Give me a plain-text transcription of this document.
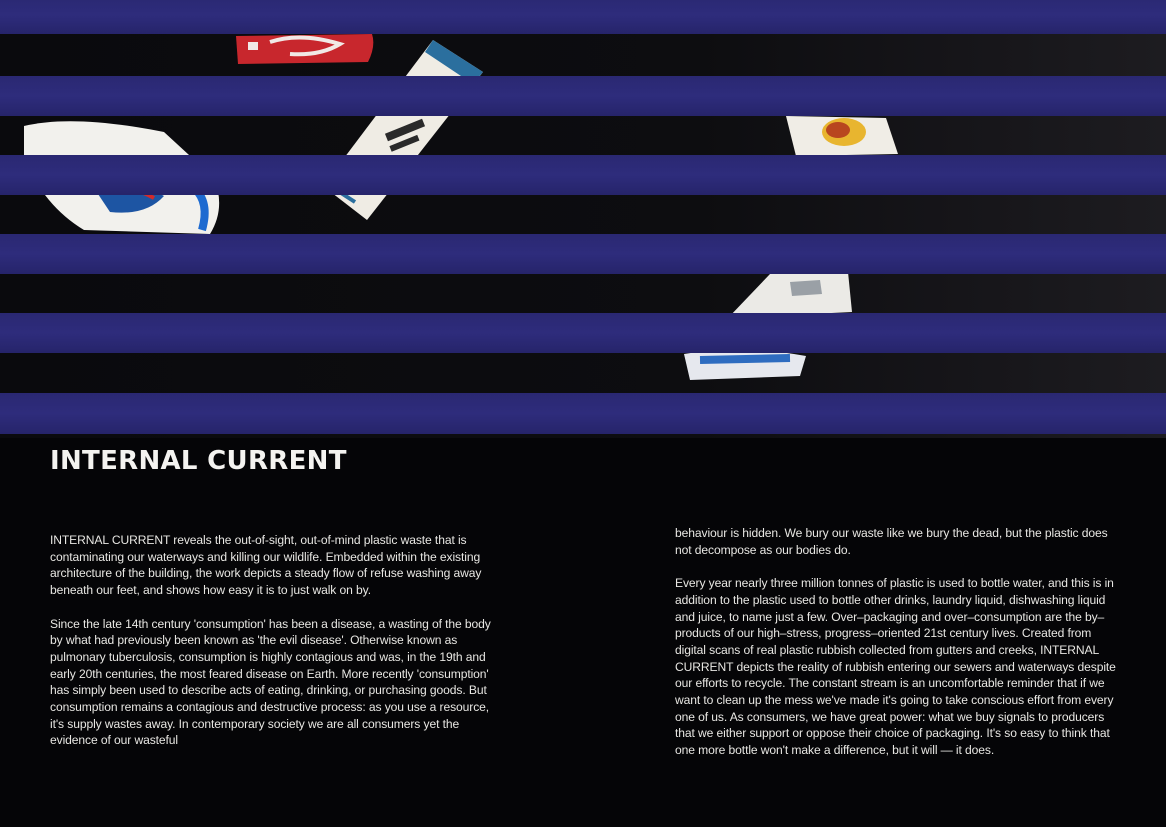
INTERNAL CURRENT

INTERNAL CURRENT reveals the out-of-sight, out-of-mind plastic waste that is contaminating our waterways and killing our wildlife. Embedded within the existing architecture of the building, the work depicts a steady flow of refuse washing away beneath our feet, and shows how easy it is to just walk on by.

Since the late 14th century 'consumption' has been a disease, a wasting of the body by what had previously been known as 'the evil disease'. Otherwise known as pulmonary tuberculosis, consumption is highly contagious and was, in the 19th and early 20th centuries, the most feared disease on Earth. More recently 'consumption' has simply been used to describe acts of eating, drinking, or purchasing goods. But consumption remains a contagious and destructive process: as you use a resource, it's supply wastes away. In contemporary society we are all consumers yet the evidence of our wasteful

behaviour is hidden. We bury our waste like we bury the dead, but the plastic does not decompose as our bodies do.

Every year nearly three million tonnes of plastic is used to bottle water, and this is in addition to the plastic used to bottle other drinks, laundry liquid, dishwashing liquid and juice, to name just a few. Over–packaging and over–consumption are the by–products of our high–stress, progress–oriented 21st century lives. Created from digital scans of real plastic rubbish collected from gutters and creeks, INTERNAL CURRENT depicts the reality of rubbish entering our sewers and waterways despite our efforts to recycle. The constant stream is an uncomfortable reminder that if we want to clean up the mess we've made it's going to take conscious effort from every one of us. As consumers, we have great power: what we buy signals to producers that we either support or oppose their choice of packaging. It's so easy to think that one more bottle won't make a difference, but it will — it does.
